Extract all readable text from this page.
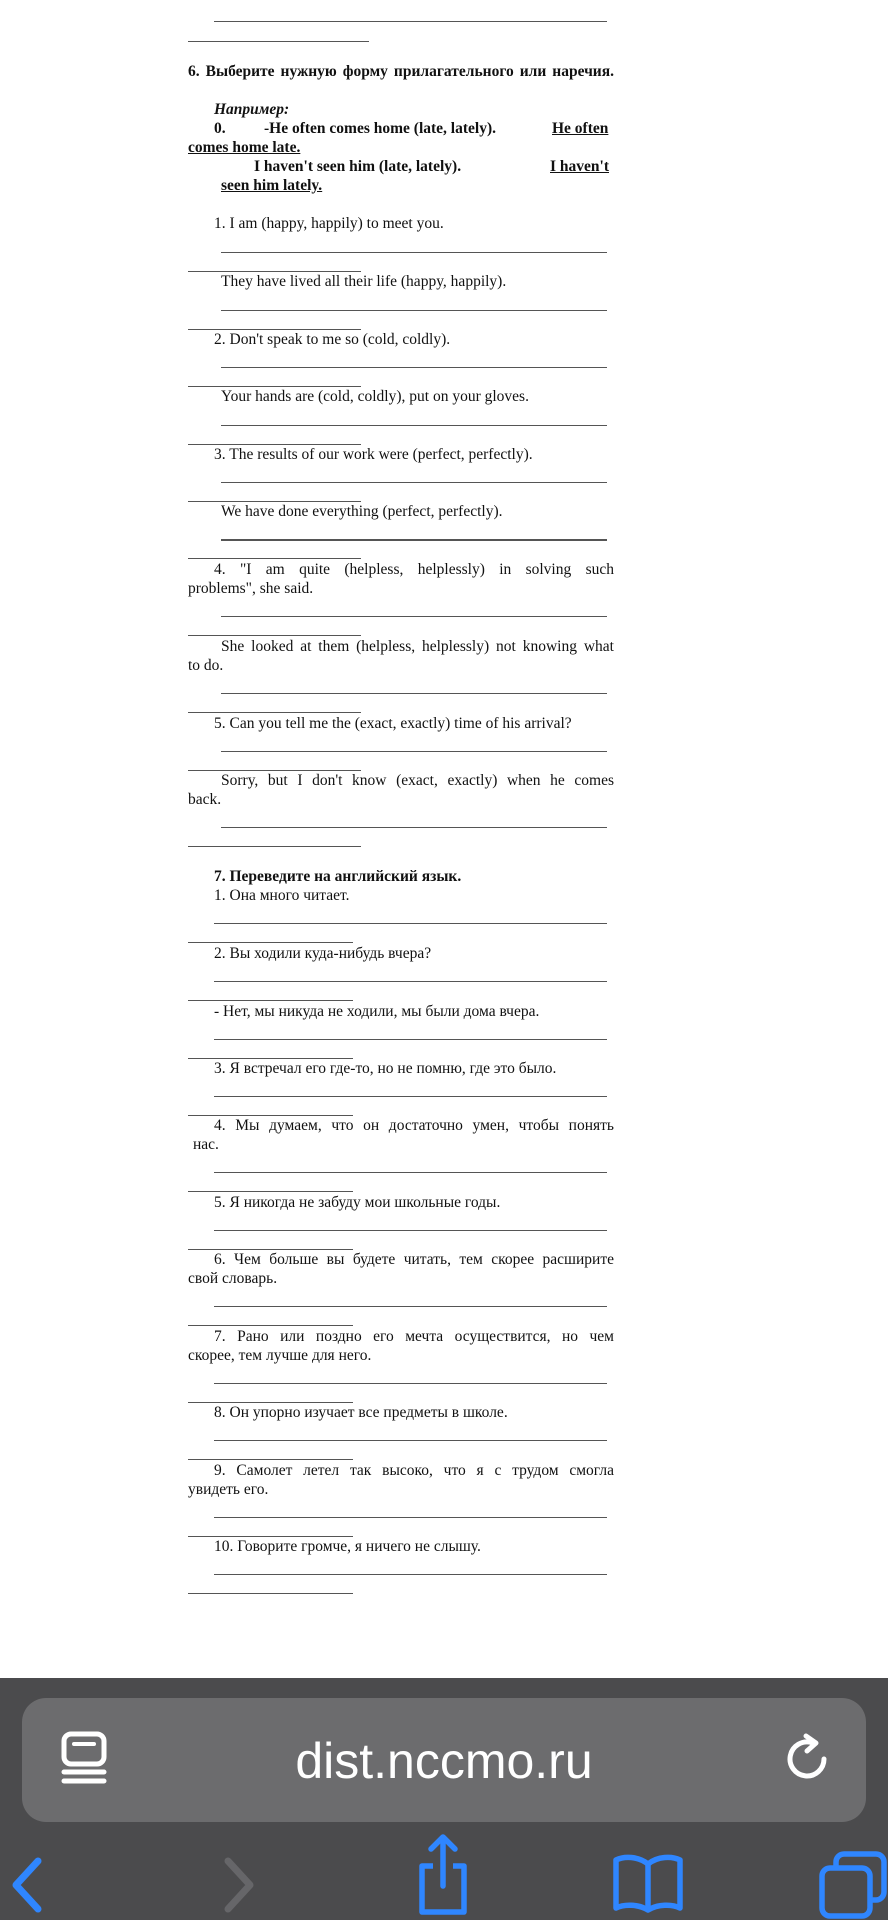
6. Выберите нужную форму прилагательного или наречия.
Например:
0. -He often comes home (late, lately).	He often
comes home late.
I haven't seen him (late, lately).	I haven't
seen him lately.
1. I am (happy, happily) to meet you.
They have lived all their life (happy, happily).
2. Don't speak to me so (cold, coldly).
Your hands are (cold, coldly), put on your gloves.
3. The results of our work were (perfect, perfectly).
We have done everything (perfect, perfectly).
4. "I am quite (helpless, helplessly) in solving such
problems", she said.
She looked at them (helpless, helplessly) not knowing what
to do.
5. Can you tell me the (exact, exactly) time of his arrival?
Sorry, but I don't know (exact, exactly) when he comes
back.
7. Переведите на английский язык.
1. Она много читает.
2. Вы ходили куда-нибудь вчера?
- Нет, мы никуда не ходили, мы были дома вчера.
3. Я встречал его где-то, но не помню, где это было.
4. Мы думаем, что он достаточно умен, чтобы понять
нас.
5. Я никогда не забуду мои школьные годы.
6. Чем больше вы будете читать, тем скорее расширите
свой словарь.
7. Рано или поздно его мечта осуществится, но чем
скорее, тем лучше для него.
8. Он упорно изучает все предметы в школе.
9. Самолет летел так высоко, что я с трудом смогла
увидеть его.
10. Говорите громче, я ничего не слышу.
dist.nccmo.ru
